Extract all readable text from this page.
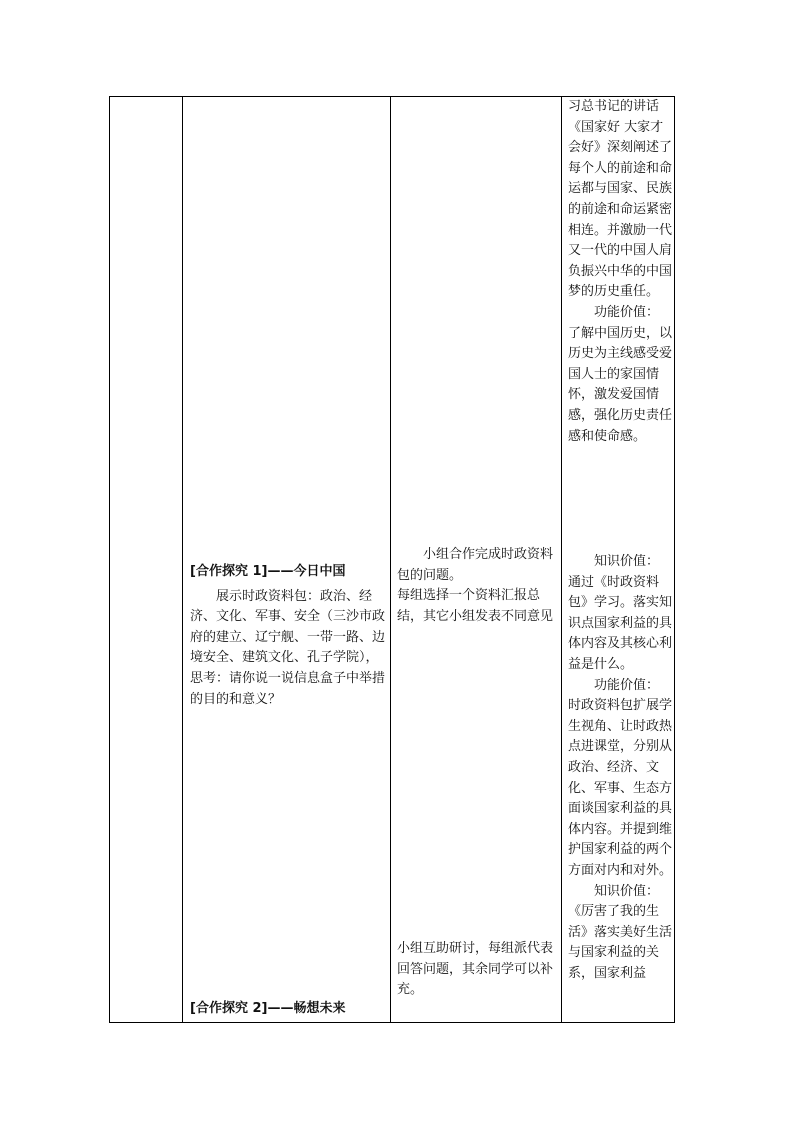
[合作探究 1]——今日中国

展示时政资料包：政治、经济、文化、军事、安全（三沙市政府的建立、辽宁舰、一带一路、边境安全、建筑文化、孔子学院），思考：请你说一说信息盒子中举措的目的和意义？

[合作探究 2]——畅想未来

小组合作完成时政资料包的问题。

每组选择一个资料汇报总结，其它小组发表不同意见

小组互助研讨，每组派代表回答问题，其余同学可以补充。

习总书记的讲话《国家好 大家才会好》深刻阐述了每个人的前途和命运都与国家、民族的前途和命运紧密相连。并激励一代又一代的中国人肩负振兴中华的中国梦的历史重任。

功能价值：

了解中国历史，以历史为主线感受爱国人士的家国情怀，激发爱国情感，强化历史责任感和使命感。

知识价值：

通过《时政资料包》学习。落实知识点国家利益的具体内容及其核心利益是什么。

功能价值：

时政资料包扩展学生视角、让时政热点进课堂，分别从政治、经济、文化、军事、生态方面谈国家利益的具体内容。并提到维护国家利益的两个方面对内和对外。

知识价值：

《厉害了我的生活》落实美好生活与国家利益的关系，国家利益
